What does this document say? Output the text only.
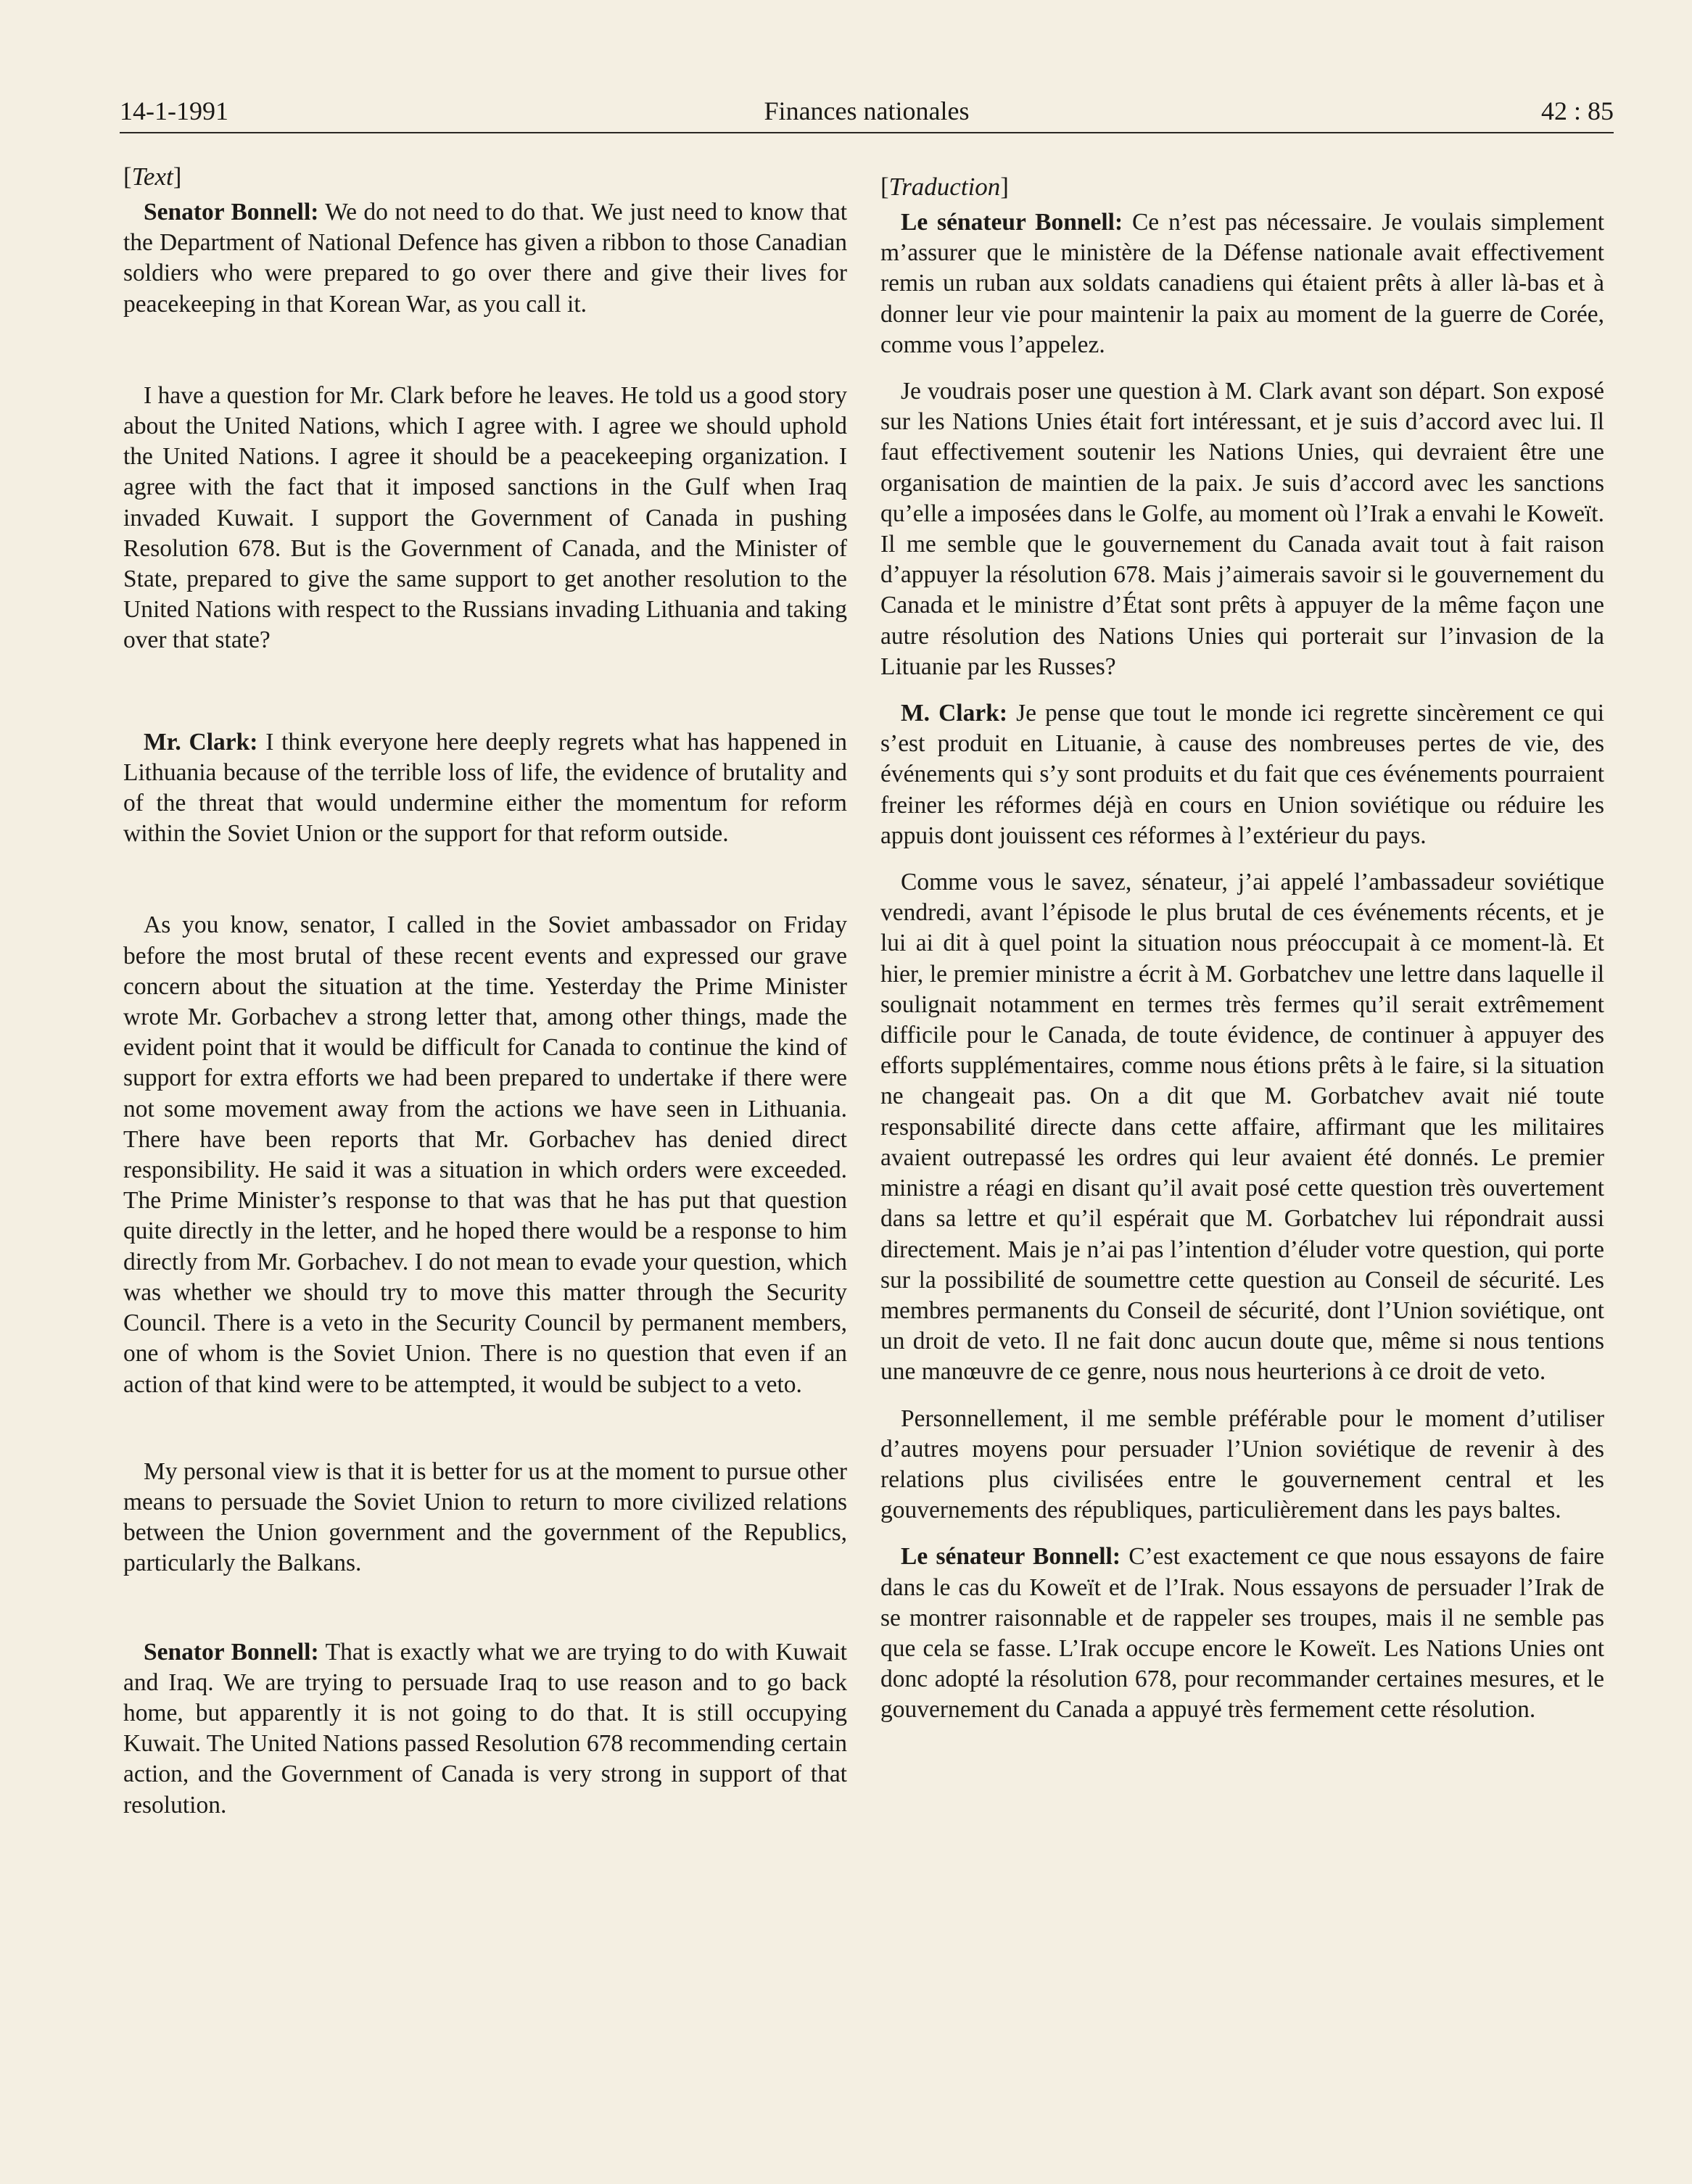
14-1-1991	Finances nationales	42 : 85
[Text]

Senator Bonnell: We do not need to do that. We just need to know that the Department of National Defence has given a ribbon to those Canadian soldiers who were prepared to go over there and give their lives for peacekeeping in that Korean War, as you call it.

I have a question for Mr. Clark before he leaves. He told us a good story about the United Nations, which I agree with. I agree we should uphold the United Nations. I agree it should be a peacekeeping organization. I agree with the fact that it imposed sanctions in the Gulf when Iraq invaded Kuwait. I support the Government of Canada in pushing Resolution 678. But is the Government of Canada, and the Minister of State, prepared to give the same support to get another resolution to the United Nations with respect to the Russians invading Lithuania and taking over that state?

Mr. Clark: I think everyone here deeply regrets what has happened in Lithuania because of the terrible loss of life, the evidence of brutality and of the threat that would undermine either the momentum for reform within the Soviet Union or the support for that reform outside.

As you know, senator, I called in the Soviet ambassador on Friday before the most brutal of these recent events and expressed our grave concern about the situation at the time. Yesterday the Prime Minister wrote Mr. Gorbachev a strong letter that, among other things, made the evident point that it would be difficult for Canada to continue the kind of support for extra efforts we had been prepared to undertake if there were not some movement away from the actions we have seen in Lithuania. There have been reports that Mr. Gorbachev has denied direct responsibility. He said it was a situation in which orders were exceeded. The Prime Minister’s response to that was that he has put that question quite directly in the letter, and he hoped there would be a response to him directly from Mr. Gorbachev. I do not mean to evade your question, which was whether we should try to move this matter through the Security Council. There is a veto in the Security Council by permanent members, one of whom is the Soviet Union. There is no question that even if an action of that kind were to be attempted, it would be subject to a veto.

My personal view is that it is better for us at the moment to pursue other means to persuade the Soviet Union to return to more civilized relations between the Union government and the government of the Republics, particularly the Balkans.

Senator Bonnell: That is exactly what we are trying to do with Kuwait and Iraq. We are trying to persuade Iraq to use reason and to go back home, but apparently it is not going to do that. It is still occupying Kuwait. The United Nations passed Resolution 678 recommending certain action, and the Government of Canada is very strong in support of that resolution.

[Traduction]

Le sénateur Bonnell: Ce n’est pas nécessaire. Je voulais simplement m’assurer que le ministère de la Défense nationale avait effectivement remis un ruban aux soldats canadiens qui étaient prêts à aller là-bas et à donner leur vie pour maintenir la paix au moment de la guerre de Corée, comme vous l’appelez.

Je voudrais poser une question à M. Clark avant son départ. Son exposé sur les Nations Unies était fort intéressant, et je suis d’accord avec lui. Il faut effectivement soutenir les Nations Unies, qui devraient être une organisation de maintien de la paix. Je suis d’accord avec les sanctions qu’elle a imposées dans le Golfe, au moment où l’Irak a envahi le Koweït. Il me semble que le gouvernement du Canada avait tout à fait raison d’appuyer la résolution 678. Mais j’aimerais savoir si le gouvernement du Canada et le ministre d’État sont prêts à appuyer de la même façon une autre résolution des Nations Unies qui porterait sur l’invasion de la Lituanie par les Russes?

M. Clark: Je pense que tout le monde ici regrette sincèrement ce qui s’est produit en Lituanie, à cause des nombreuses pertes de vie, des événements qui s’y sont produits et du fait que ces événements pourraient freiner les réformes déjà en cours en Union soviétique ou réduire les appuis dont jouissent ces réformes à l’extérieur du pays.

Comme vous le savez, sénateur, j’ai appelé l’ambassadeur soviétique vendredi, avant l’épisode le plus brutal de ces événements récents, et je lui ai dit à quel point la situation nous préoccupait à ce moment-là. Et hier, le premier ministre a écrit à M. Gorbatchev une lettre dans laquelle il soulignait notamment en termes très fermes qu’il serait extrêmement difficile pour le Canada, de toute évidence, de continuer à appuyer des efforts supplémentaires, comme nous étions prêts à le faire, si la situation ne changeait pas. On a dit que M. Gorbatchev avait nié toute responsabilité directe dans cette affaire, affirmant que les militaires avaient outrepassé les ordres qui leur avaient été donnés. Le premier ministre a réagi en disant qu’il avait posé cette question très ouvertement dans sa lettre et qu’il espérait que M. Gorbatchev lui répondrait aussi directement. Mais je n’ai pas l’intention d’éluder votre question, qui porte sur la possibilité de soumettre cette question au Conseil de sécurité. Les membres permanents du Conseil de sécurité, dont l’Union soviétique, ont un droit de veto. Il ne fait donc aucun doute que, même si nous tentions une manœuvre de ce genre, nous nous heurterions à ce droit de veto.

Personnellement, il me semble préférable pour le moment d’utiliser d’autres moyens pour persuader l’Union soviétique de revenir à des relations plus civilisées entre le gouvernement central et les gouvernements des républiques, particulièrement dans les pays baltes.

Le sénateur Bonnell: C’est exactement ce que nous essayons de faire dans le cas du Koweït et de l’Irak. Nous essayons de persuader l’Irak de se montrer raisonnable et de rappeler ses troupes, mais il ne semble pas que cela se fasse. L’Irak occupe encore le Koweït. Les Nations Unies ont donc adopté la résolution 678, pour recommander certaines mesures, et le gouvernement du Canada a appuyé très fermement cette résolution.
